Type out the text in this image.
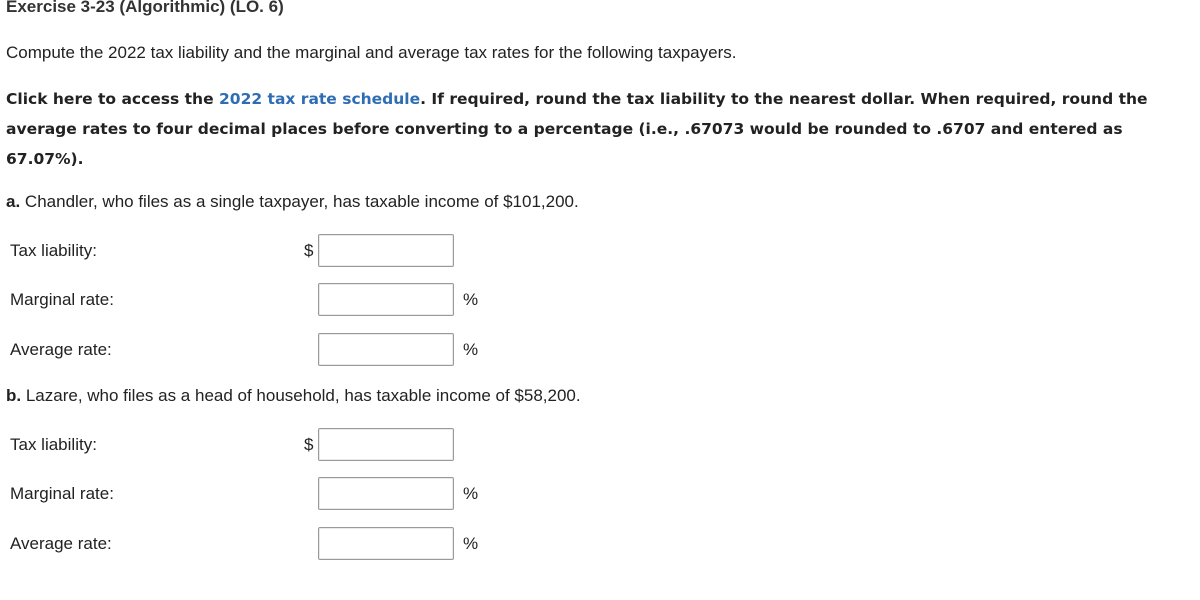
Exercise 3-23 (Algorithmic) (LO. 6)
Compute the 2022 tax liability and the marginal and average tax rates for the following taxpayers.
Click here to access the 2022 tax rate schedule. If required, round the tax liability to the nearest dollar. When required, round the average rates to four decimal places before converting to a percentage (i.e., .67073 would be rounded to .6707 and entered as 67.07%).
a. Chandler, who files as a single taxpayer, has taxable income of $101,200.
Tax liability:	$
Marginal rate:	%
Average rate:	%
b. Lazare, who files as a head of household, has taxable income of $58,200.
Tax liability:	$
Marginal rate:	%
Average rate:	%
